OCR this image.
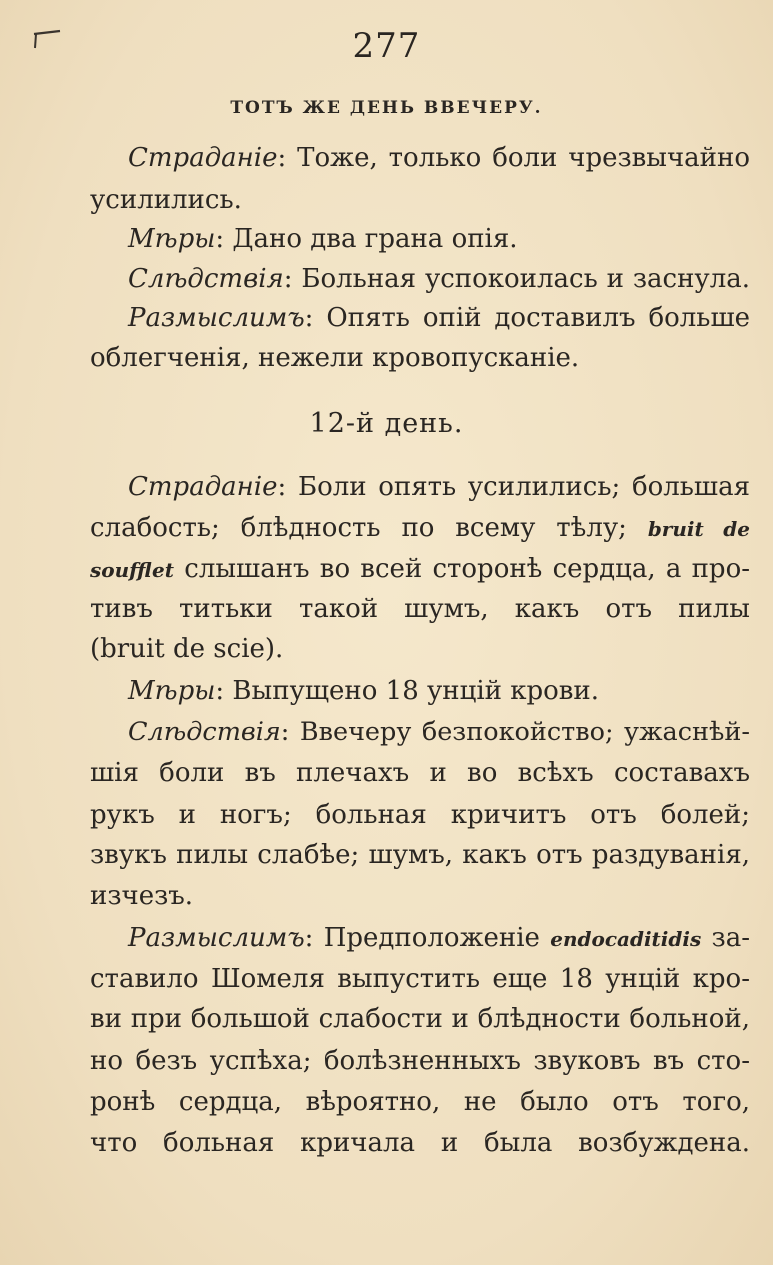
277
ТОТЪ ЖЕ ДЕНЬ ВВЕЧЕРУ.
Страданіе: Тоже, только боли чрезвычайно
усилились.
Мѣры: Дано два грана опія.
Слѣдствія: Больная успокоилась и заснула.
Размыслимъ: Опять опій доставилъ больше
облегченія, нежели кровопусканіе.
12-й день.
Страданіе: Боли опять усилились; большая
слабость; блѣдность по всему тѣлу; bruit de
soufflet слышанъ во всей сторонѣ сердца, а про-
тивъ титьки такой шумъ, какъ отъ пилы
(bruit de scie).
Мѣры: Выпущено 18 унцій крови.
Слѣдствія: Ввечеру безпокойство; ужаснѣй-
шія боли въ плечахъ и во всѣхъ составахъ
рукъ и ногъ; больная кричитъ отъ болей;
звукъ пилы слабѣе; шумъ, какъ отъ раздуванія,
изчезъ.
Размыслимъ: Предположеніе endocaditidis за-
ставило Шомеля выпустить еще 18 унцій кро-
ви при большой слабости и блѣдности больной,
но безъ успѣха; болѣзненныхъ звуковъ въ сто-
ронѣ сердца, вѣроятно, не было отъ того,
что больная кричала и была возбуждена.
